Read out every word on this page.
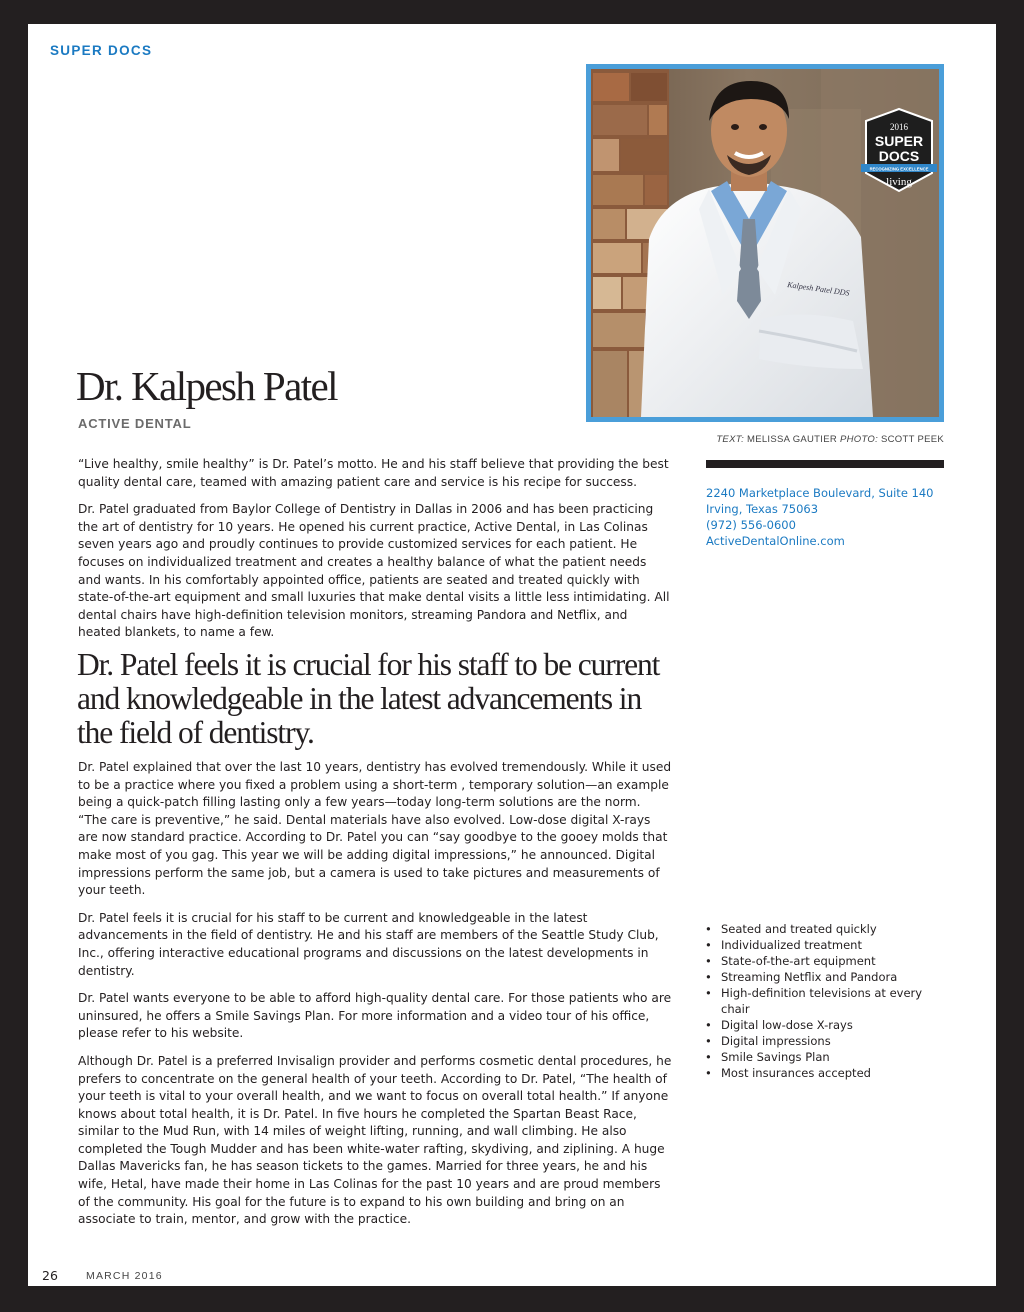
SUPER DOCS
Kalpesh Patel DDS
2016
SUPER
DOCS
RECOGNIZING EXCELLENCE
living
TEXT: MELISSA GAUTIER PHOTO: SCOTT PEEK
Dr. Kalpesh Patel
ACTIVE DENTAL
2240 Marketplace Boulevard, Suite 140
Irving, Texas 75063
(972) 556-0600
ActiveDentalOnline.com

“Live healthy, smile healthy” is Dr. Patel’s motto. He and his staff believe that providing the best quality dental care, teamed with amazing patient care and service is his recipe for success.

Dr. Patel graduated from Baylor College of Dentistry in Dallas in 2006 and has been practicing the art of dentistry for 10 years. He opened his current practice, Active Dental, in Las Colinas seven years ago and proudly continues to provide customized services for each patient. He focuses on individualized treatment and creates a healthy balance of what the patient needs and wants. In his comfortably appointed office, patients are seated and treated quickly with state-of-the-art equipment and small luxuries that make dental visits a little less intimidating. All dental chairs have high-definition television monitors, streaming Pandora and Netflix, and heated blankets, to name a few.

Dr. Patel feels it is crucial for his staff to be current and knowledgeable in the latest advancements in the field of dentistry.

Dr. Patel explained that over the last 10 years, dentistry has evolved tremendously. While it used to be a practice where you fixed a problem using a short-term , temporary solution—an example being a quick-patch filling lasting only a few years—today long-term solutions are the norm. “The care is preventive,” he said. Dental materials have also evolved. Low-dose digital X-rays are now standard practice. According to Dr. Patel you can “say goodbye to the gooey molds that make most of you gag. This year we will be adding digital impressions,” he announced. Digital impressions perform the same job, but a camera is used to take pictures and measurements of your teeth.

Dr. Patel feels it is crucial for his staff to be current and knowledgeable in the latest advancements in the field of dentistry. He and his staff are members of the Seattle Study Club, Inc., offering interactive educational programs and discussions on the latest developments in dentistry.

Dr. Patel wants everyone to be able to afford high-quality dental care. For those patients who are uninsured, he offers a Smile Savings Plan. For more information and a video tour of his office, please refer to his website.

Although Dr. Patel is a preferred Invisalign provider and performs cosmetic dental procedures, he prefers to concentrate on the general health of your teeth. According to Dr. Patel, “The health of your teeth is vital to your overall health, and we want to focus on overall total health.” If anyone knows about total health, it is Dr. Patel. In five hours he completed the Spartan Beast Race, similar to the Mud Run, with 14 miles of weight lifting, running, and wall climbing. He also completed the Tough Mudder and has been white-water rafting, skydiving, and ziplining. A huge Dallas Mavericks fan, he has season tickets to the games. Married for three years, he and his wife, Hetal, have made their home in Las Colinas for the past 10 years and are proud members of the community. His goal for the future is to expand to his own building and bring on an associate to train, mentor, and grow with the practice.

• Seated and treated quickly
• Individualized treatment
• State-of-the-art equipment
• Streaming Netflix and Pandora
• High-definition televisions at every chair
• Digital low-dose X-rays
• Digital impressions
• Smile Savings Plan
• Most insurances accepted
26	MARCH 2016
